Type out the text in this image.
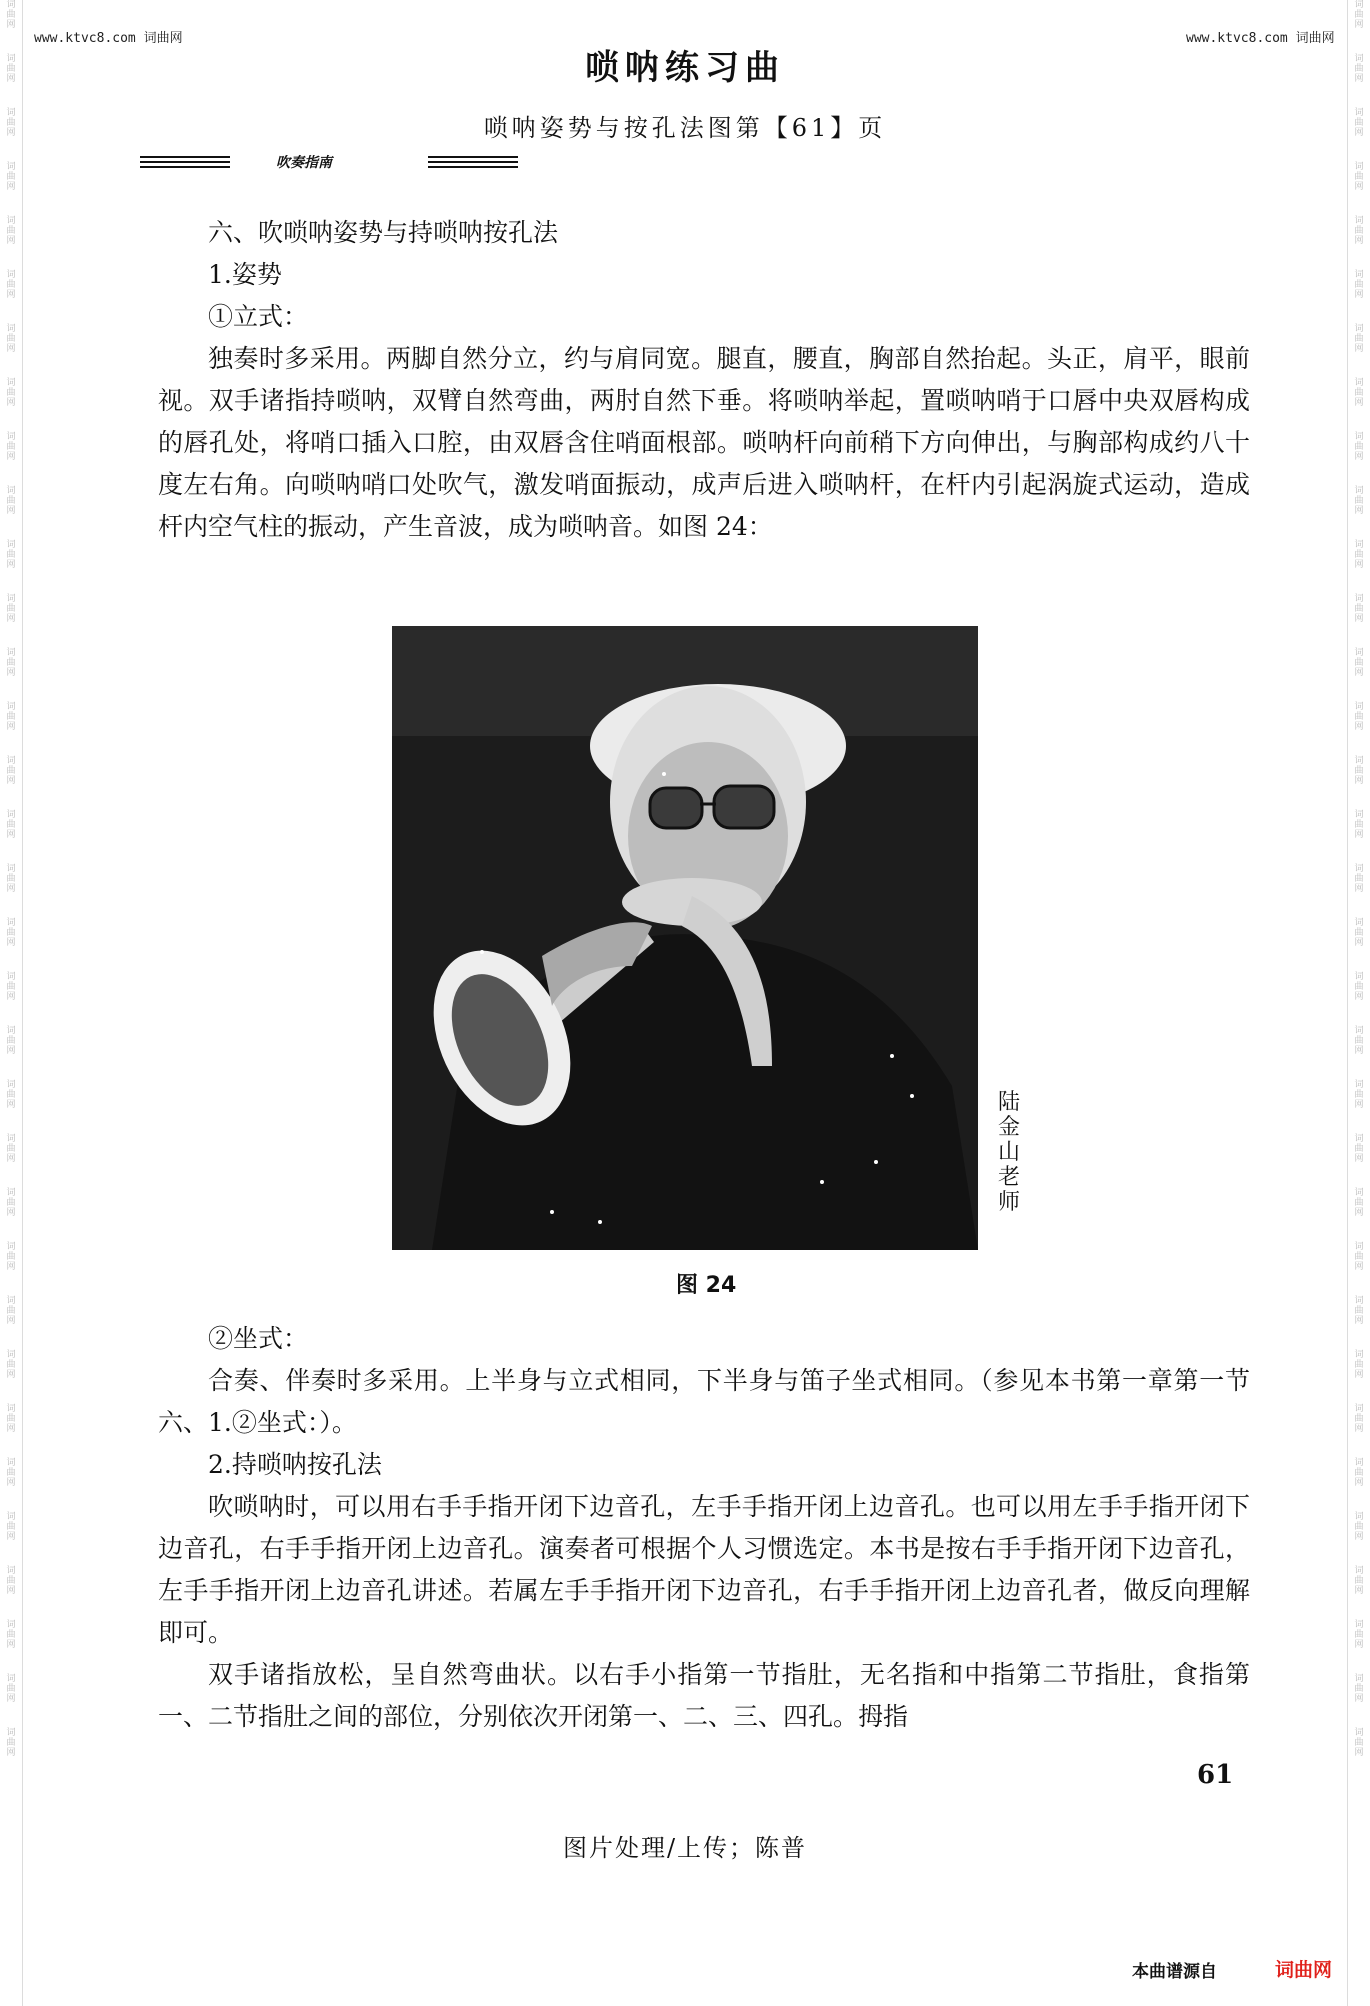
词曲网
词曲网
词曲网
词曲网
词曲网
词曲网
词曲网
词曲网
词曲网
词曲网
词曲网
词曲网
词曲网
词曲网
词曲网
词曲网
词曲网
词曲网
词曲网
词曲网
词曲网
词曲网
词曲网
词曲网
词曲网
词曲网
词曲网
词曲网
词曲网
词曲网
词曲网
词曲网
词曲网
词曲网
词曲网
词曲网
词曲网
词曲网
词曲网
词曲网
词曲网
词曲网
词曲网
词曲网
词曲网
词曲网
词曲网
词曲网
词曲网
词曲网
词曲网
词曲网
词曲网
词曲网
词曲网
词曲网
词曲网
词曲网
词曲网
词曲网
词曲网
词曲网
词曲网
词曲网
词曲网
词曲网
www.ktvc8.com 词曲网	www.ktvc8.com 词曲网
唢呐练习曲
唢呐姿势与按孔法图第【61】页
吹奏指南
六、吹唢呐姿势与持唢呐按孔法
1.姿势
①立式：
独奏时多采用。两脚自然分立，约与肩同宽。腿直，腰直，胸部自然抬起。头正，肩平，眼前视。双手诸指持唢呐，双臂自然弯曲，两肘自然下垂。将唢呐举起，置唢呐哨于口唇中央双唇构成的唇孔处，将哨口插入口腔，由双唇含住哨面根部。唢呐杆向前稍下方向伸出，与胸部构成约八十度左右角。向唢呐哨口处吹气，激发哨面振动，成声后进入唢呐杆，在杆内引起涡旋式运动，造成杆内空气柱的振动，产生音波，成为唢呐音。如图 24：
陆金山老师
图 24
②坐式：
合奏、伴奏时多采用。上半身与立式相同，下半身与笛子坐式相同。（参见本书第一章第一节六、1.②坐式：）。
2.持唢呐按孔法
吹唢呐时，可以用右手手指开闭下边音孔，左手手指开闭上边音孔。也可以用左手手指开闭下边音孔，右手手指开闭上边音孔。演奏者可根据个人习惯选定。本书是按右手手指开闭下边音孔，左手手指开闭上边音孔讲述。若属左手手指开闭下边音孔，右手手指开闭上边音孔者，做反向理解即可。
双手诸指放松，呈自然弯曲状。以右手小指第一节指肚，无名指和中指第二节指肚，食指第一、二节指肚之间的部位，分别依次开闭第一、二、三、四孔。拇指
61
图片处理/上传；陈普
本曲谱源自	词曲网
